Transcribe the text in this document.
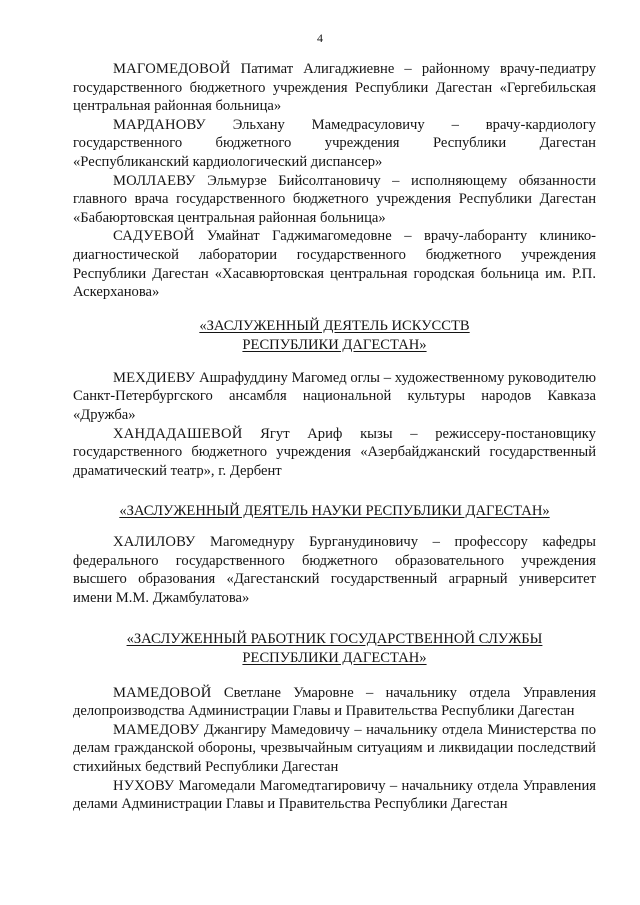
4

МАГОМЕДОВОЙ Патимат Алигаджиевне – районному врачу-педиатру государственного бюджетного учреждения Республики Дагестан «Гергебильская центральная районная больница»

МАРДАНОВУ Эльхану Мамедрасуловичу – врачу-кардиологу государственного бюджетного учреждения Республики Дагестан «Республиканский кардиологический диспансер»

МОЛЛАЕВУ Эльмурзе Бийсолтановичу – исполняющему обязанности главного врача государственного бюджетного учреждения Республики Дагестан «Бабаюртовская центральная районная больница»

САДУЕВОЙ Умайнат Гаджимагомедовне – врачу-лаборанту клинико-диагностической лаборатории государственного бюджетного учреждения Республики Дагестан «Хасавюртовская центральная городская больница им. Р.П. Аскерханова»

«ЗАСЛУЖЕННЫЙ ДЕЯТЕЛЬ ИСКУССТВ
РЕСПУБЛИКИ ДАГЕСТАН»

МЕХДИЕВУ Ашрафуддину Магомед оглы – художественному руководителю Санкт-Петербургского ансамбля национальной культуры народов Кавказа «Дружба»

ХАНДАДАШЕВОЙ Ягут Ариф кызы – режиссеру-постановщику государственного бюджетного учреждения «Азербайджанский государственный драматический театр», г. Дербент

«ЗАСЛУЖЕННЫЙ ДЕЯТЕЛЬ НАУКИ РЕСПУБЛИКИ ДАГЕСТАН»

ХАЛИЛОВУ Магомеднуру Бурганудиновичу – профессору кафедры федерального государственного бюджетного образовательного учреждения высшего образования «Дагестанский государственный аграрный университет имени М.М. Джамбулатова»

«ЗАСЛУЖЕННЫЙ РАБОТНИК ГОСУДАРСТВЕННОЙ СЛУЖБЫ
РЕСПУБЛИКИ ДАГЕСТАН»

МАМЕДОВОЙ Светлане Умаровне – начальнику отдела Управления делопроизводства Администрации Главы и Правительства Республики Дагестан

МАМЕДОВУ Джангиру Мамедовичу – начальнику отдела Министерства по делам гражданской обороны, чрезвычайным ситуациям и ликвидации последствий стихийных бедствий Республики Дагестан

НУХОВУ Магомедали Магомедтагировичу – начальнику отдела Управления делами Администрации Главы и Правительства Республики Дагестан
